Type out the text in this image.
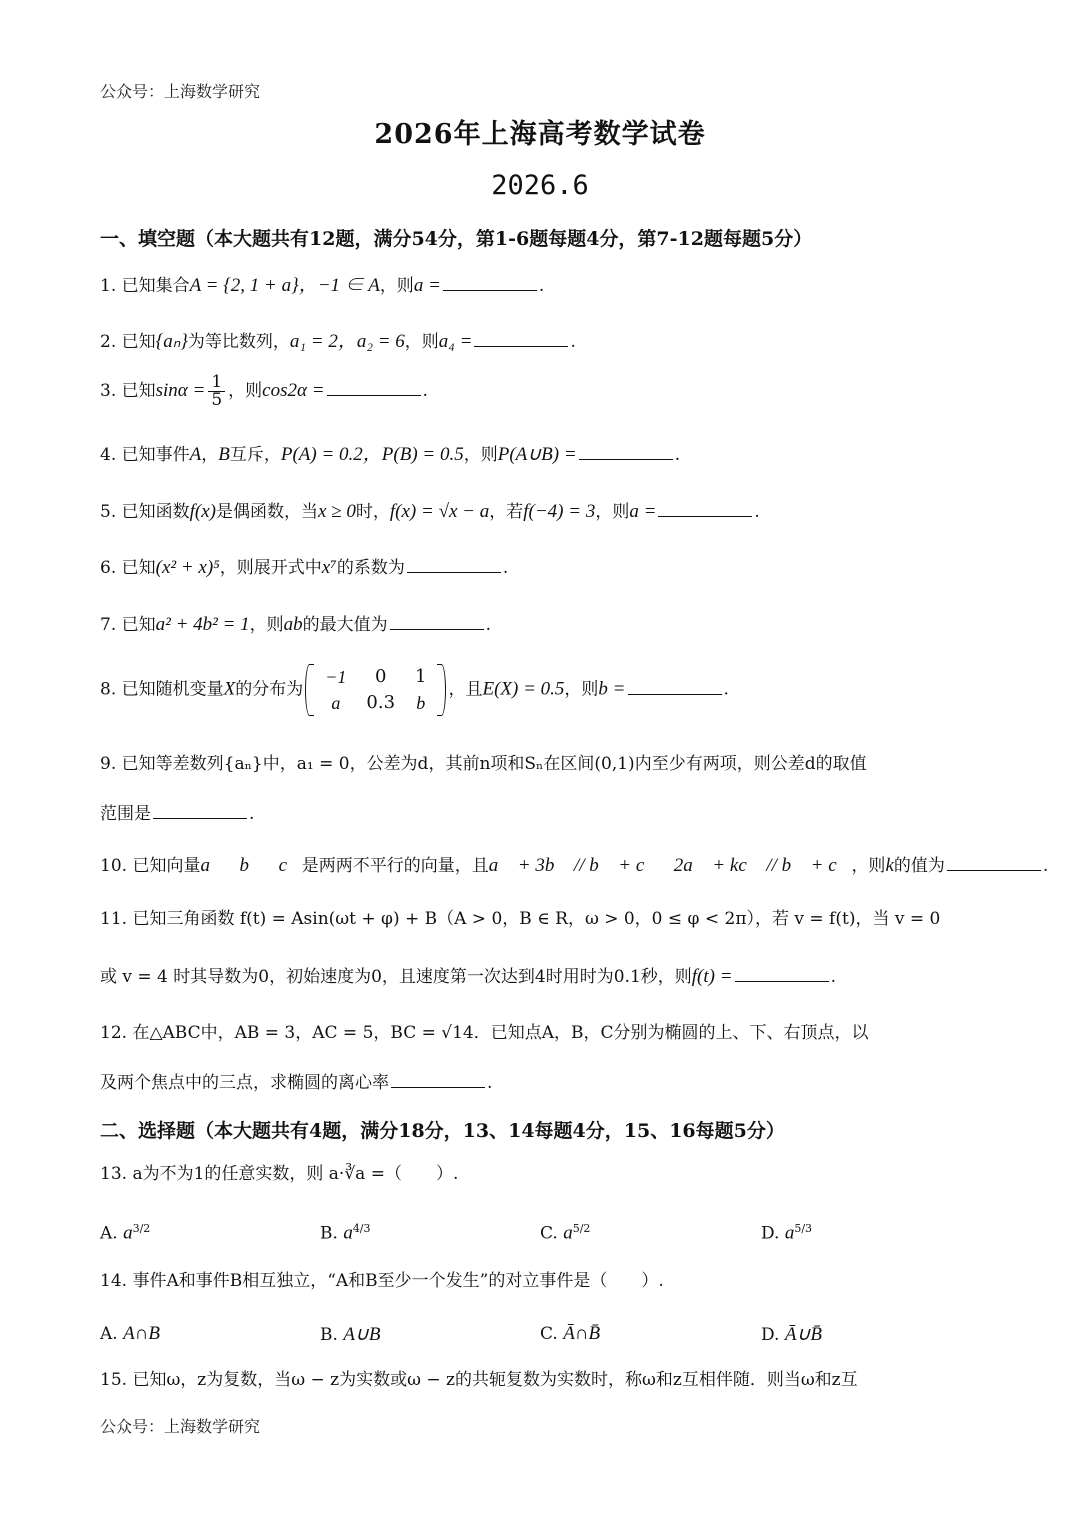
公众号：上海数学研究
2026年上海高考数学试卷
2026.6
一、填空题（本大题共有12题，满分54分，第1-6题每题4分，第7-12题每题5分）
1. 已知集合A = {2, 1 + a}，−1 ∈ A，则a =	.
2. 已知{aₙ}为等比数列，a₁ = 2，a₂ = 6，则a₄ =	.
3. 已知$\sin\alpha = \frac{1}{5}$ ，则cos2α =	.
4. 已知事件A，B互斥，P(A) = 0.2，P(B) = 0.5，则P(A∪B) =	.
5. 已知函数f(x)是偶函数，当x ≥ 0时，f(x) = √x − a，若f(−4) = 3，则a =	.
6. 已知(x² + x)⁵，则展开式中x⁷的系数为	.
7. 已知a² + 4b² = 1，则ab的最大值为	.
8. 已知随机变量X的分布为
−1	0	1
a	0.3	b
，且E(X) = 0.5，则b =	.
9. 已知等差数列{aₙ}中，a₁ = 0，公差为d，其前n项和Sₙ在区间(0,1)内至少有两项，则公差d的取值
范围是	.
10. 已知向量a⃗，b⃗，c⃗是两两不平行的向量，且a⃗ + 3b⃗ // b⃗ + c⃗，2a⃗ + kc⃗ // b⃗ + c⃗，则k的值为	.
11. 已知三角函数 f(t) = Asin(ωt + φ) + B（A > 0，B ∈ R，ω > 0，0 ≤ φ < 2π），若 v = f(t)，当 v = 0
或 v = 4 时其导数为0，初始速度为0，且速度第一次达到4时用时为0.1秒，则f(t) =	.
12. 在△ABC中，AB = 3，AC = 5，BC = √14．已知点A，B，C分别为椭圆的上、下、右顶点，以
及两个焦点中的三点，求椭圆的离心率	.
二、选择题（本大题共有4题，满分18分，13、14每题4分，15、16每题5分）
13. a为不为1的任意实数，则 a·∛a =（　　）.
A. $a^{3/2}$	B. $a^{4/3}$	C. $a^{5/2}$	D. $a^{5/3}$
14. 事件A和事件B相互独立，“A和B至少一个发生”的对立事件是（　　）.
A. A∩B	B. A∪B	C. Ā∩B̄	D. Ā∪B̄
15. 已知ω，z为复数，当ω − z为实数或ω − z的共轭复数为实数时，称ω和z互相伴随．则当ω和z互
公众号：上海数学研究
